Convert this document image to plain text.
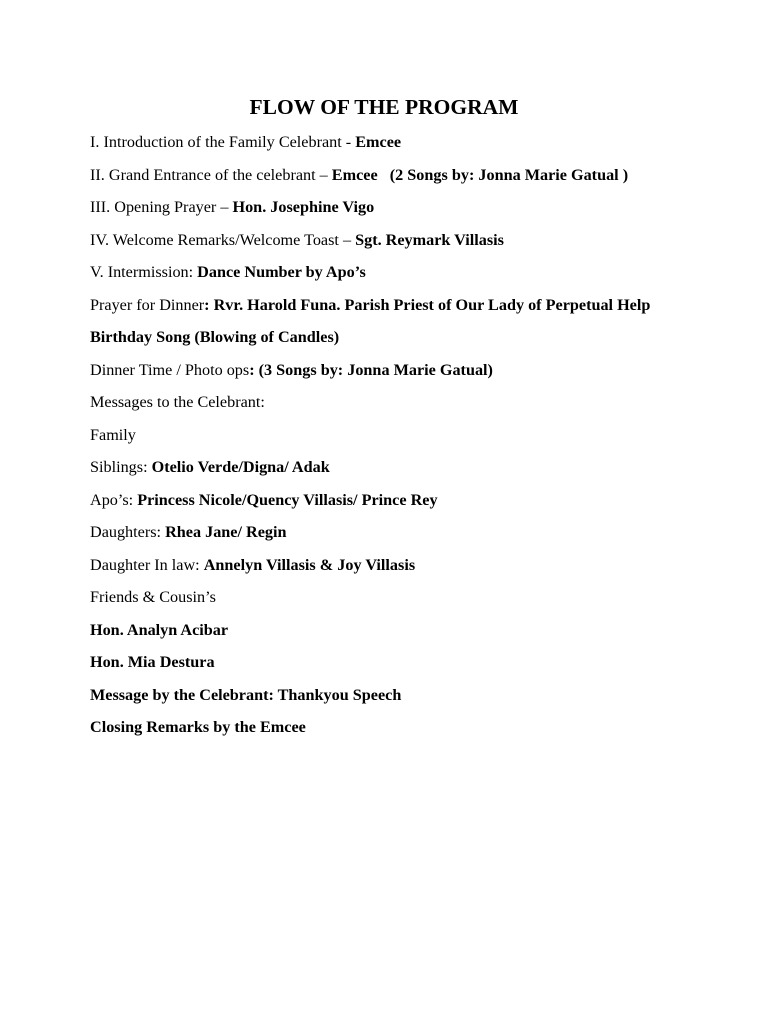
FLOW OF THE PROGRAM
I. Introduction of the Family Celebrant - Emcee
II. Grand Entrance of the celebrant – Emcee   (2 Songs by: Jonna Marie Gatual )
III. Opening Prayer – Hon. Josephine Vigo
IV. Welcome Remarks/Welcome Toast – Sgt. Reymark Villasis
V. Intermission: Dance Number by Apo’s
Prayer for Dinner: Rvr. Harold Funa. Parish Priest of Our Lady of Perpetual Help
Birthday Song (Blowing of Candles)
Dinner Time / Photo ops: (3 Songs by: Jonna Marie Gatual)
Messages to the Celebrant:
Family
Siblings: Otelio Verde/Digna/ Adak
Apo’s: Princess Nicole/Quency Villasis/ Prince Rey
Daughters: Rhea Jane/ Regin
Daughter In law: Annelyn Villasis & Joy Villasis
Friends & Cousin’s
Hon. Analyn Acibar
Hon. Mia Destura
Message by the Celebrant: Thankyou Speech
Closing Remarks by the Emcee
